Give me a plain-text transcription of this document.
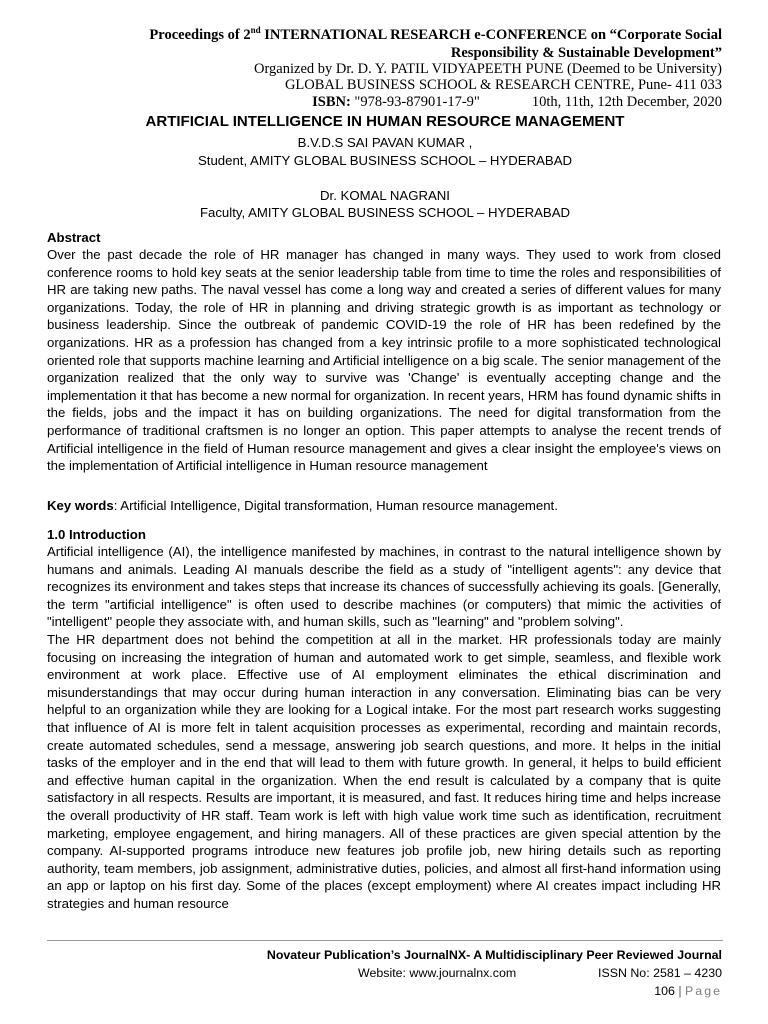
Proceedings of 2nd INTERNATIONAL RESEARCH e-CONFERENCE on “Corporate Social
Responsibility & Sustainable Development”
Organized by Dr. D. Y. PATIL VIDYAPEETH PUNE (Deemed to be University)
GLOBAL BUSINESS SCHOOL & RESEARCH CENTRE, Pune- 411 033
ISBN: "978-93-87901-17-9"	10th, 11th, 12th December, 2020
ARTIFICIAL INTELLIGENCE IN HUMAN RESOURCE MANAGEMENT

B.V.D.S SAI PAVAN KUMAR ,

Student, AMITY GLOBAL BUSINESS SCHOOL – HYDERABAD

Dr. KOMAL NAGRANI

Faculty, AMITY GLOBAL BUSINESS SCHOOL – HYDERABAD

Abstract

Over the past decade the role of HR manager has changed in many ways. They used to work from closed conference rooms to hold key seats at the senior leadership table from time to time the roles and responsibilities of HR are taking new paths. The naval vessel has come a long way and created a series of different values for many organizations. Today, the role of HR in planning and driving strategic growth is as important as technology or business leadership. Since the outbreak of pandemic COVID-19 the role of HR has been redefined by the organizations. HR as a profession has changed from a key intrinsic profile to a more sophisticated technological oriented role that supports machine learning and Artificial intelligence on a big scale. The senior management of the organization realized that the only way to survive was 'Change' is eventually accepting change and the implementation it that has become a new normal for organization. In recent years, HRM has found dynamic shifts in the fields, jobs and the impact it has on building organizations. The need for digital transformation from the performance of traditional craftsmen is no longer an option. This paper attempts to analyse the recent trends of Artificial intelligence in the field of Human resource management and gives a clear insight the employee's views on the implementation of Artificial intelligence in Human resource management

Key words: Artificial Intelligence, Digital transformation, Human resource management.
1.0 Introduction

Artificial intelligence (AI), the intelligence manifested by machines, in contrast to the natural intelligence shown by humans and animals. Leading AI manuals describe the field as a study of "intelligent agents": any device that recognizes its environment and takes steps that increase its chances of successfully achieving its goals. [Generally, the term "artificial intelligence" is often used to describe machines (or computers) that mimic the activities of "intelligent" people they associate with, and human skills, such as "learning" and "problem solving".

The HR department does not behind the competition at all in the market. HR professionals today are mainly focusing on increasing the integration of human and automated work to get simple, seamless, and flexible work environment at work place. Effective use of AI employment eliminates the ethical discrimination and misunderstandings that may occur during human interaction in any conversation. Eliminating bias can be very helpful to an organization while they are looking for a Logical intake. For the most part research works suggesting that influence of AI is more felt in talent acquisition processes as experimental, recording and maintain records, create automated schedules, send a message, answering job search questions, and more. It helps in the initial tasks of the employer and in the end that will lead to them with future growth. In general, it helps to build efficient and effective human capital in the organization. When the end result is calculated by a company that is quite satisfactory in all respects. Results are important, it is measured, and fast. It reduces hiring time and helps increase the overall productivity of HR staff. Team work is left with high value work time such as identification, recruitment marketing, employee engagement, and hiring managers. All of these practices are given special attention by the company. AI-supported programs introduce new features job profile job, new hiring details such as reporting authority, team members, job assignment, administrative duties, policies, and almost all first-hand information using an app or laptop on his first day. Some of the places (except employment) where AI creates impact including HR strategies and human resource

Novateur Publication’s JournalNX- A Multidisciplinary Peer Reviewed Journal
Website: www.journalnx.com	ISSN No: 2581 – 4230
106 | Page
